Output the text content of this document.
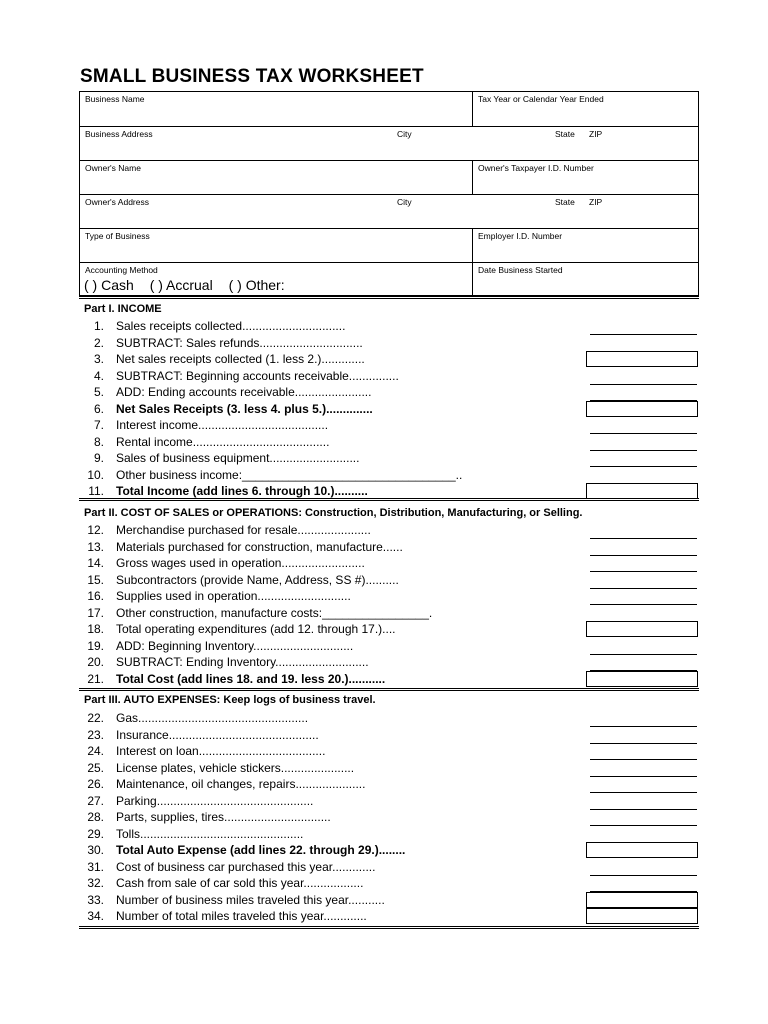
SMALL BUSINESS TAX WORKSHEET
Business Name	Tax Year or Calendar Year Ended
Business Address	City	State ZIP
Owner's Name	Owner's Taxpayer I.D. Number
Owner's Address	City	State ZIP
Type of Business	Employer I.D. Number
Accounting Method	Date Business Started
( ) Cash ( ) Accrual ( ) Other:
Part I. INCOME
1. Sales receipts collected...............................
2. SUBTRACT: Sales refunds...............................
3. Net sales receipts collected (1. less 2.).............
4. SUBTRACT: Beginning accounts receivable...............
5. ADD: Ending accounts receivable.......................
6. Net Sales Receipts (3. less 4. plus 5.)..............
7. Interest income.......................................
8. Rental income.........................................
9. Sales of business equipment...........................
10. Other business income:________________________________..
11. Total Income (add lines 6. through 10.)..........
Part II. COST OF SALES or OPERATIONS: Construction, Distribution, Manufacturing, or Selling.
12. Merchandise purchased for resale......................
13. Materials purchased for construction, manufacture......
14. Gross wages used in operation.........................
15. Subcontractors (provide Name, Address, SS #)..........
16. Supplies used in operation............................
17. Other construction, manufacture costs:________________.
18. Total operating expenditures (add 12. through 17.)....
19. ADD: Beginning Inventory..............................
20. SUBTRACT: Ending Inventory............................
21. Total Cost (add lines 18. and 19. less 20.)...........
Part III. AUTO EXPENSES: Keep logs of business travel.
22. Gas...................................................
23. Insurance.............................................
24. Interest on loan......................................
25. License plates, vehicle stickers......................
26. Maintenance, oil changes, repairs.....................
27. Parking...............................................
28. Parts, supplies, tires................................
29. Tolls.................................................
30. Total Auto Expense (add lines 22. through 29.)........
31. Cost of business car purchased this year.............
32. Cash from sale of car sold this year..................
33. Number of business miles traveled this year...........
34. Number of total miles traveled this year.............
